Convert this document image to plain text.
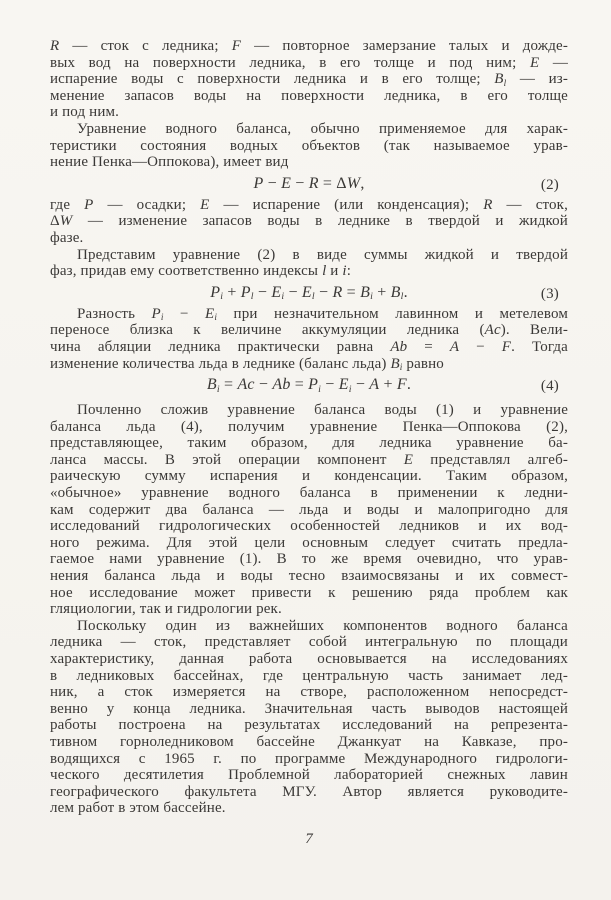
R — сток с ледника; F — повторное замерзание талых и дожде-
вых вод на поверхности ледника, в его толще и под ним; E —
испарение воды с поверхности ледника и в его толще; $B_l$ — из-
менение запасов воды на поверхности ледника, в его толще
и под ним.
Уравнение водного баланса, обычно применяемое для харак-
теристики состояния водных объектов (так называемое урав-
нение Пенка—Оппокова), имеет вид
P − E − R = ΔW,	(2)
где P — осадки; E — испарение (или конденсация); R — сток,
ΔW — изменение запасов воды в леднике в твердой и жидкой
фазе.
Представим уравнение (2) в виде суммы жидкой и твердой
фаз, придав ему соответственно индексы l и i:
$P_i + P_l - E_i - E_l - R = B_i + B_l$.	(3)
Разность $P_i - E_i$ при незначительном лавинном и метелевом
переносе близка к величине аккумуляции ледника (Ac). Вели-
чина абляции ледника практически равна Ab = A − F. Тогда
изменение количества льда в леднике (баланс льда) $B_i$ равно
$B_i = Ac - Ab = P_i - E_i - A + F$.	(4)
Почленно сложив уравнение баланса воды (1) и уравнение
баланса льда (4), получим уравнение Пенка—Оппокова (2),
представляющее, таким образом, для ледника уравнение ба-
ланса массы. В этой операции компонент E представлял алгеб-
раическую сумму испарения и конденсации. Таким образом,
«обычное» уравнение водного баланса в применении к ледни-
кам содержит два баланса — льда и воды и малопригодно для
исследований гидрологических особенностей ледников и их вод-
ного режима. Для этой цели основным следует считать предла-
гаемое нами уравнение (1). В то же время очевидно, что урав-
нения баланса льда и воды тесно взаимосвязаны и их совмест-
ное исследование может привести к решению ряда проблем как
гляциологии, так и гидрологии рек.
Поскольку один из важнейших компонентов водного баланса
ледника — сток, представляет собой интегральную по площади
характеристику, данная работа основывается на исследованиях
в ледниковых бассейнах, где центральную часть занимает лед-
ник, а сток измеряется на створе, расположенном непосредст-
венно у конца ледника. Значительная часть выводов настоящей
работы построена на результатах исследований на репрезента-
тивном горноледниковом бассейне Джанкуат на Кавказе, про-
водящихся с 1965 г. по программе Международного гидрологи-
ческого десятилетия Проблемной лабораторией снежных лавин
географического факультета МГУ. Автор является руководите-
лем работ в этом бассейне.
7
